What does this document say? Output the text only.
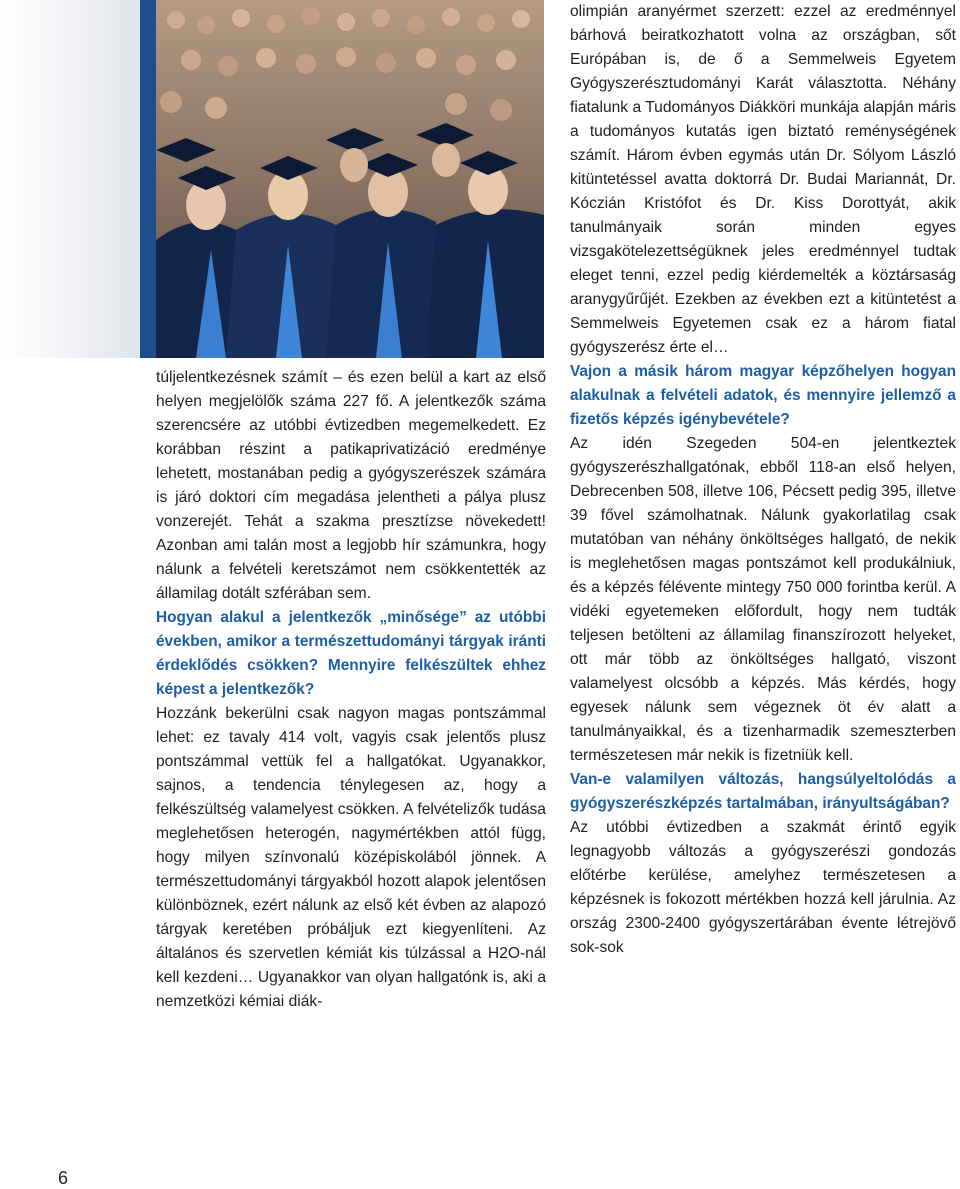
túljelentkezésnek számít – és ezen belül a kart az első helyen megjelölők száma 227 fő. A jelentkezők száma szerencsére az utóbbi évtizedben megemelkedett. Ez korábban részint a patikaprivatizáció eredménye lehetett, mostanában pedig a gyógyszerészek számára is járó doktori cím megadása jelentheti a pálya plusz vonzerejét. Tehát a szakma presztízse növekedett! Azonban ami talán most a legjobb hír számunkra, hogy nálunk a felvételi keretszámot nem csökkentették az államilag dotált szférában sem.

Hogyan alakul a jelentkezők „minősége” az utóbbi években, amikor a természettudományi tárgyak iránti érdeklődés csökken? Mennyire felkészültek ehhez képest a jelentkezők?

Hozzánk bekerülni csak nagyon magas pontszámmal lehet: ez tavaly 414 volt, vagyis csak jelentős plusz pontszámmal vettük fel a hallgatókat. Ugyanakkor, sajnos, a tendencia ténylegesen az, hogy a felkészültség valamelyest csökken. A felvételizők tudása meglehetősen heterogén, nagymértékben attól függ, hogy milyen színvonalú középiskolából jönnek. A természettudományi tárgyakból hozott alapok jelentősen különböznek, ezért nálunk az első két évben az alapozó tárgyak keretében próbáljuk ezt kiegyenlíteni. Az általános és szervetlen kémiát kis túlzással a H2O-nál kell kezdeni… Ugyanakkor van olyan hallgatónk is, aki a nemzetközi kémiai diák-

olimpián aranyérmet szerzett: ezzel az eredménnyel bárhová beiratkozhatott volna az országban, sőt Európában is, de ő a Semmelweis Egyetem Gyógyszerésztudományi Karát választotta. Néhány fiatalunk a Tudományos Diákköri munkája alapján máris a tudományos kutatás igen biztató reménységének számít. Három évben egymás után Dr. Sólyom László kitüntetéssel avatta doktorrá Dr. Budai Mariannát, Dr. Kóczián Kristófot és Dr. Kiss Dorottyát, akik tanulmányaik során minden egyes vizsgakötelezettségüknek jeles eredménnyel tudtak eleget tenni, ezzel pedig kiérdemelték a köztársaság aranygyűrűjét. Ezekben az években ezt a kitüntetést a Semmelweis Egyetemen csak ez a három fiatal gyógyszerész érte el…

Vajon a másik három magyar képzőhelyen hogyan alakulnak a felvételi adatok, és mennyire jellemző a fizetős képzés igénybevétele?

Az idén Szegeden 504-en jelentkeztek gyógyszerészhallgatónak, ebből 118-an első helyen, Debrecenben 508, illetve 106, Pécsett pedig 395, illetve 39 fővel számolhatnak. Nálunk gyakorlatilag csak mutatóban van néhány önköltséges hallgató, de nekik is meglehetősen magas pontszámot kell produkálniuk, és a képzés félévente mintegy 750 000 forintba kerül. A vidéki egyetemeken előfordult, hogy nem tudták teljesen betölteni az államilag finanszírozott helyeket, ott már több az önköltséges hallgató, viszont valamelyest olcsóbb a képzés. Más kérdés, hogy egyesek nálunk sem végeznek öt év alatt a tanulmányaikkal, és a tizenharmadik szemeszterben természetesen már nekik is fizetniük kell.

Van-e valamilyen változás, hangsúlyeltolódás a gyógyszerészképzés tartalmában, irányultságában?

Az utóbbi évtizedben a szakmát érintő egyik legnagyobb változás a gyógyszerészi gondozás előtérbe kerülése, amelyhez természetesen a képzésnek is fokozott mértékben hozzá kell járulnia. Az ország 2300-2400 gyógyszertárában évente létrejövő sok-sok

6
